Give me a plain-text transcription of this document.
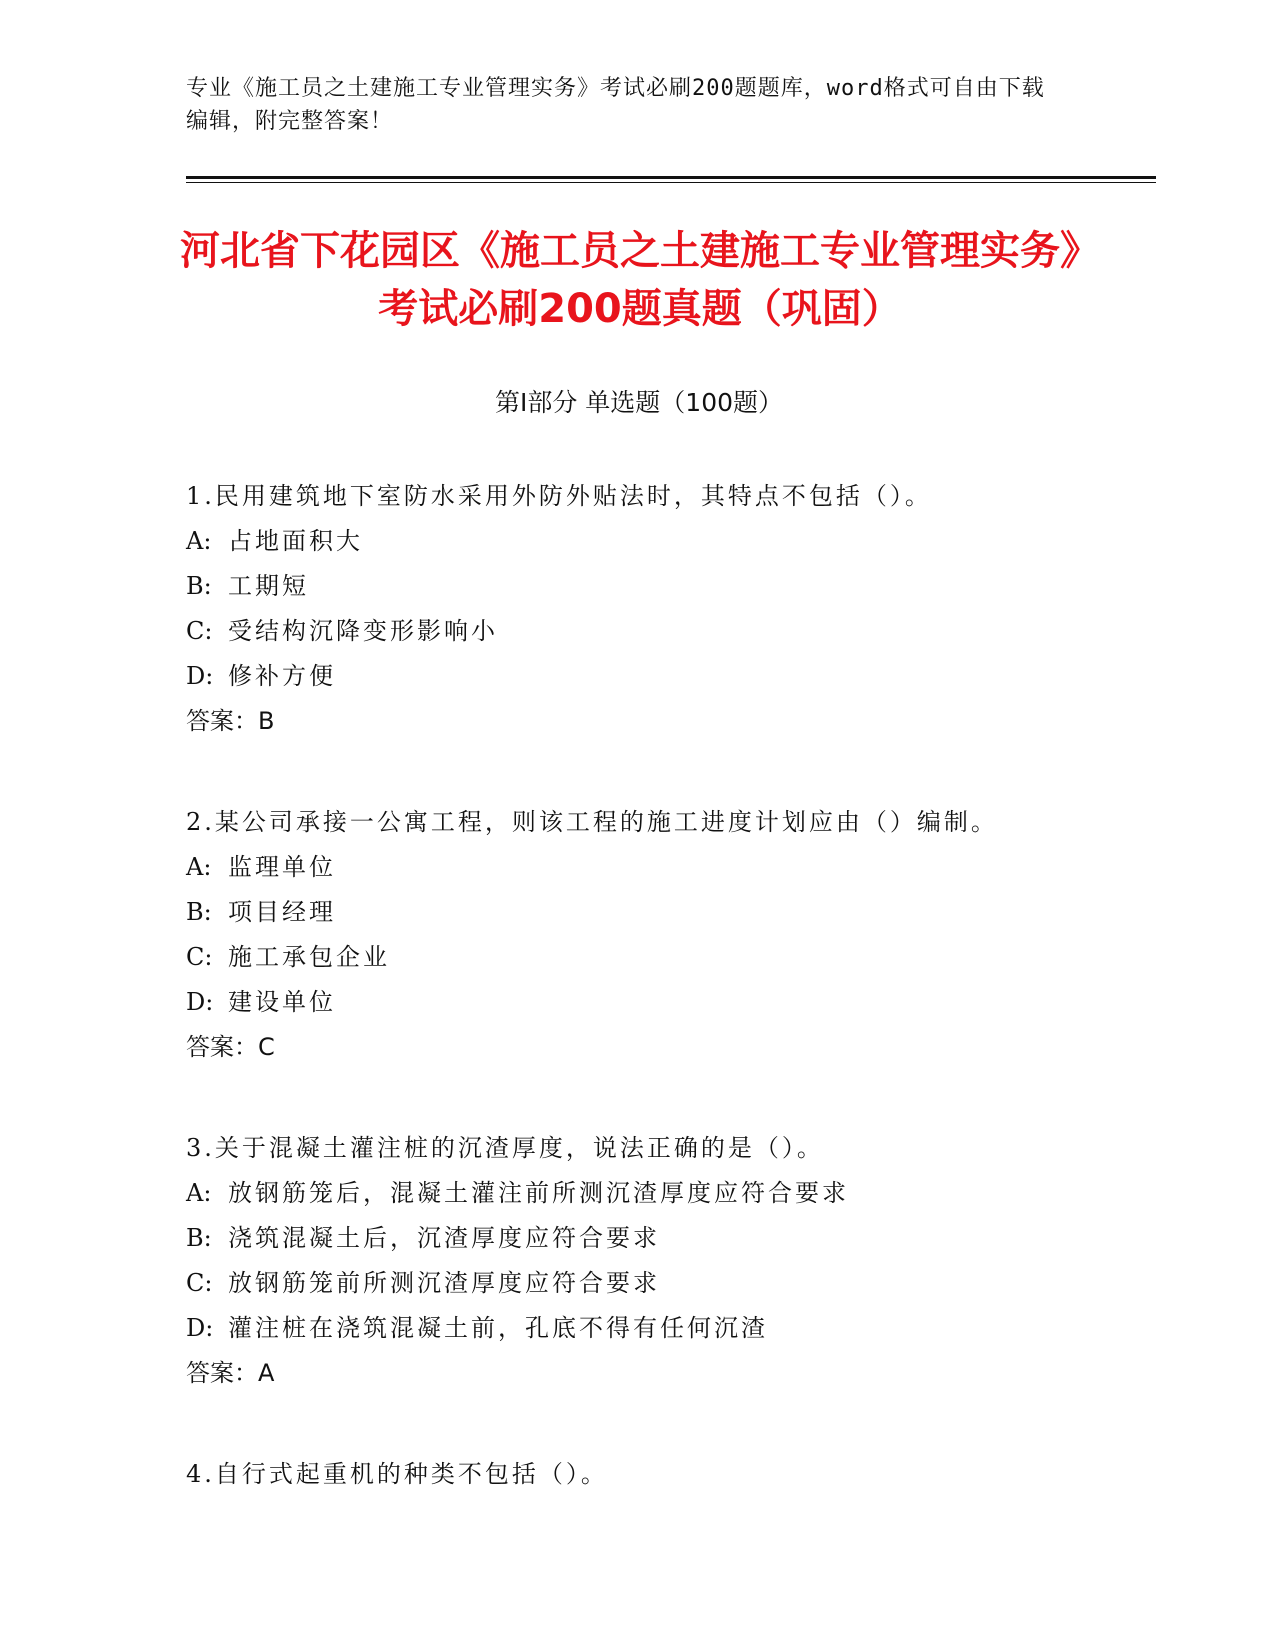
专业《施工员之土建施工专业管理实务》考试必刷200题题库，word格式可自由下载编辑，附完整答案！
河北省下花园区《施工员之土建施工专业管理实务》考试必刷200题真题（巩固）
第Ⅰ部分 单选题（100题）
1.民用建筑地下室防水采用外防外贴法时，其特点不包括（）。
A: 占地面积大
B: 工期短
C: 受结构沉降变形影响小
D: 修补方便
答案：B
2.某公司承接一公寓工程，则该工程的施工进度计划应由（）编制。
A: 监理单位
B: 项目经理
C: 施工承包企业
D: 建设单位
答案：C
3.关于混凝土灌注桩的沉渣厚度，说法正确的是（）。
A: 放钢筋笼后，混凝土灌注前所测沉渣厚度应符合要求
B: 浇筑混凝土后，沉渣厚度应符合要求
C: 放钢筋笼前所测沉渣厚度应符合要求
D: 灌注桩在浇筑混凝土前，孔底不得有任何沉渣
答案：A
4.自行式起重机的种类不包括（）。
